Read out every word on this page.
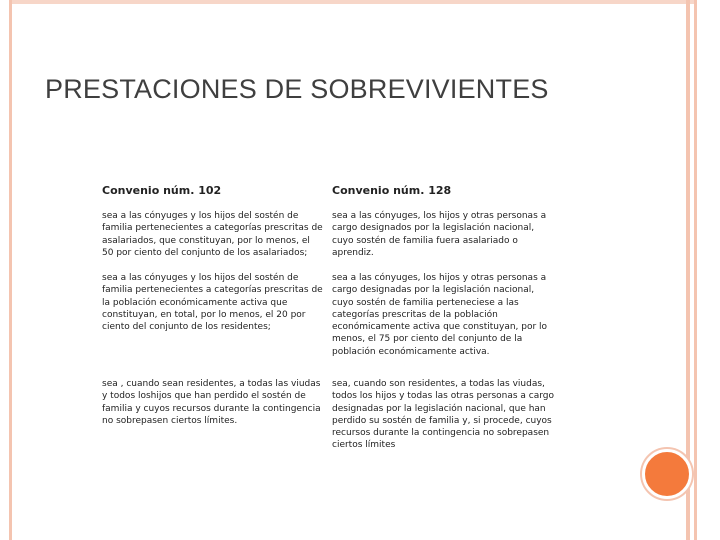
PRESTACIONES DE SOBREVIVIENTES
Convenio núm. 102

sea a las cónyuges y los hijos del sostén de familia pertenecientes a categorías prescritas de asalariados, que constituyan, por lo menos, el 50 por ciento del conjunto de los asalariados;

sea a las cónyuges y los hijos del sostén de familia pertenecientes a categorías prescritas de la población económicamente activa que constituyan, en total, por lo menos, el 20 por ciento del conjunto de los residentes;

sea , cuando sean residentes, a todas las viudas y todos loshijos que han perdido el sostén de familia y cuyos recursos durante la contingencia no sobrepasen ciertos límites.

Convenio núm. 128

sea a las cónyuges, los hijos y otras personas a cargo designados por la legislación nacional, cuyo sostén de familia fuera asalariado o aprendiz.

sea a las cónyuges, los hijos y otras personas a cargo designadas por la legislación nacional, cuyo sostén de familia perteneciese a las categorías prescritas de la población económicamente activa que constituyan, por lo menos, el 75 por ciento del conjunto de la población económicamente activa.

sea, cuando son residentes, a todas las viudas, todos los hijos y todas las otras personas a cargo designadas por la legislación nacional, que han perdido su sostén de familia y, si procede, cuyos recursos durante la contingencia no sobrepasen ciertos límites
